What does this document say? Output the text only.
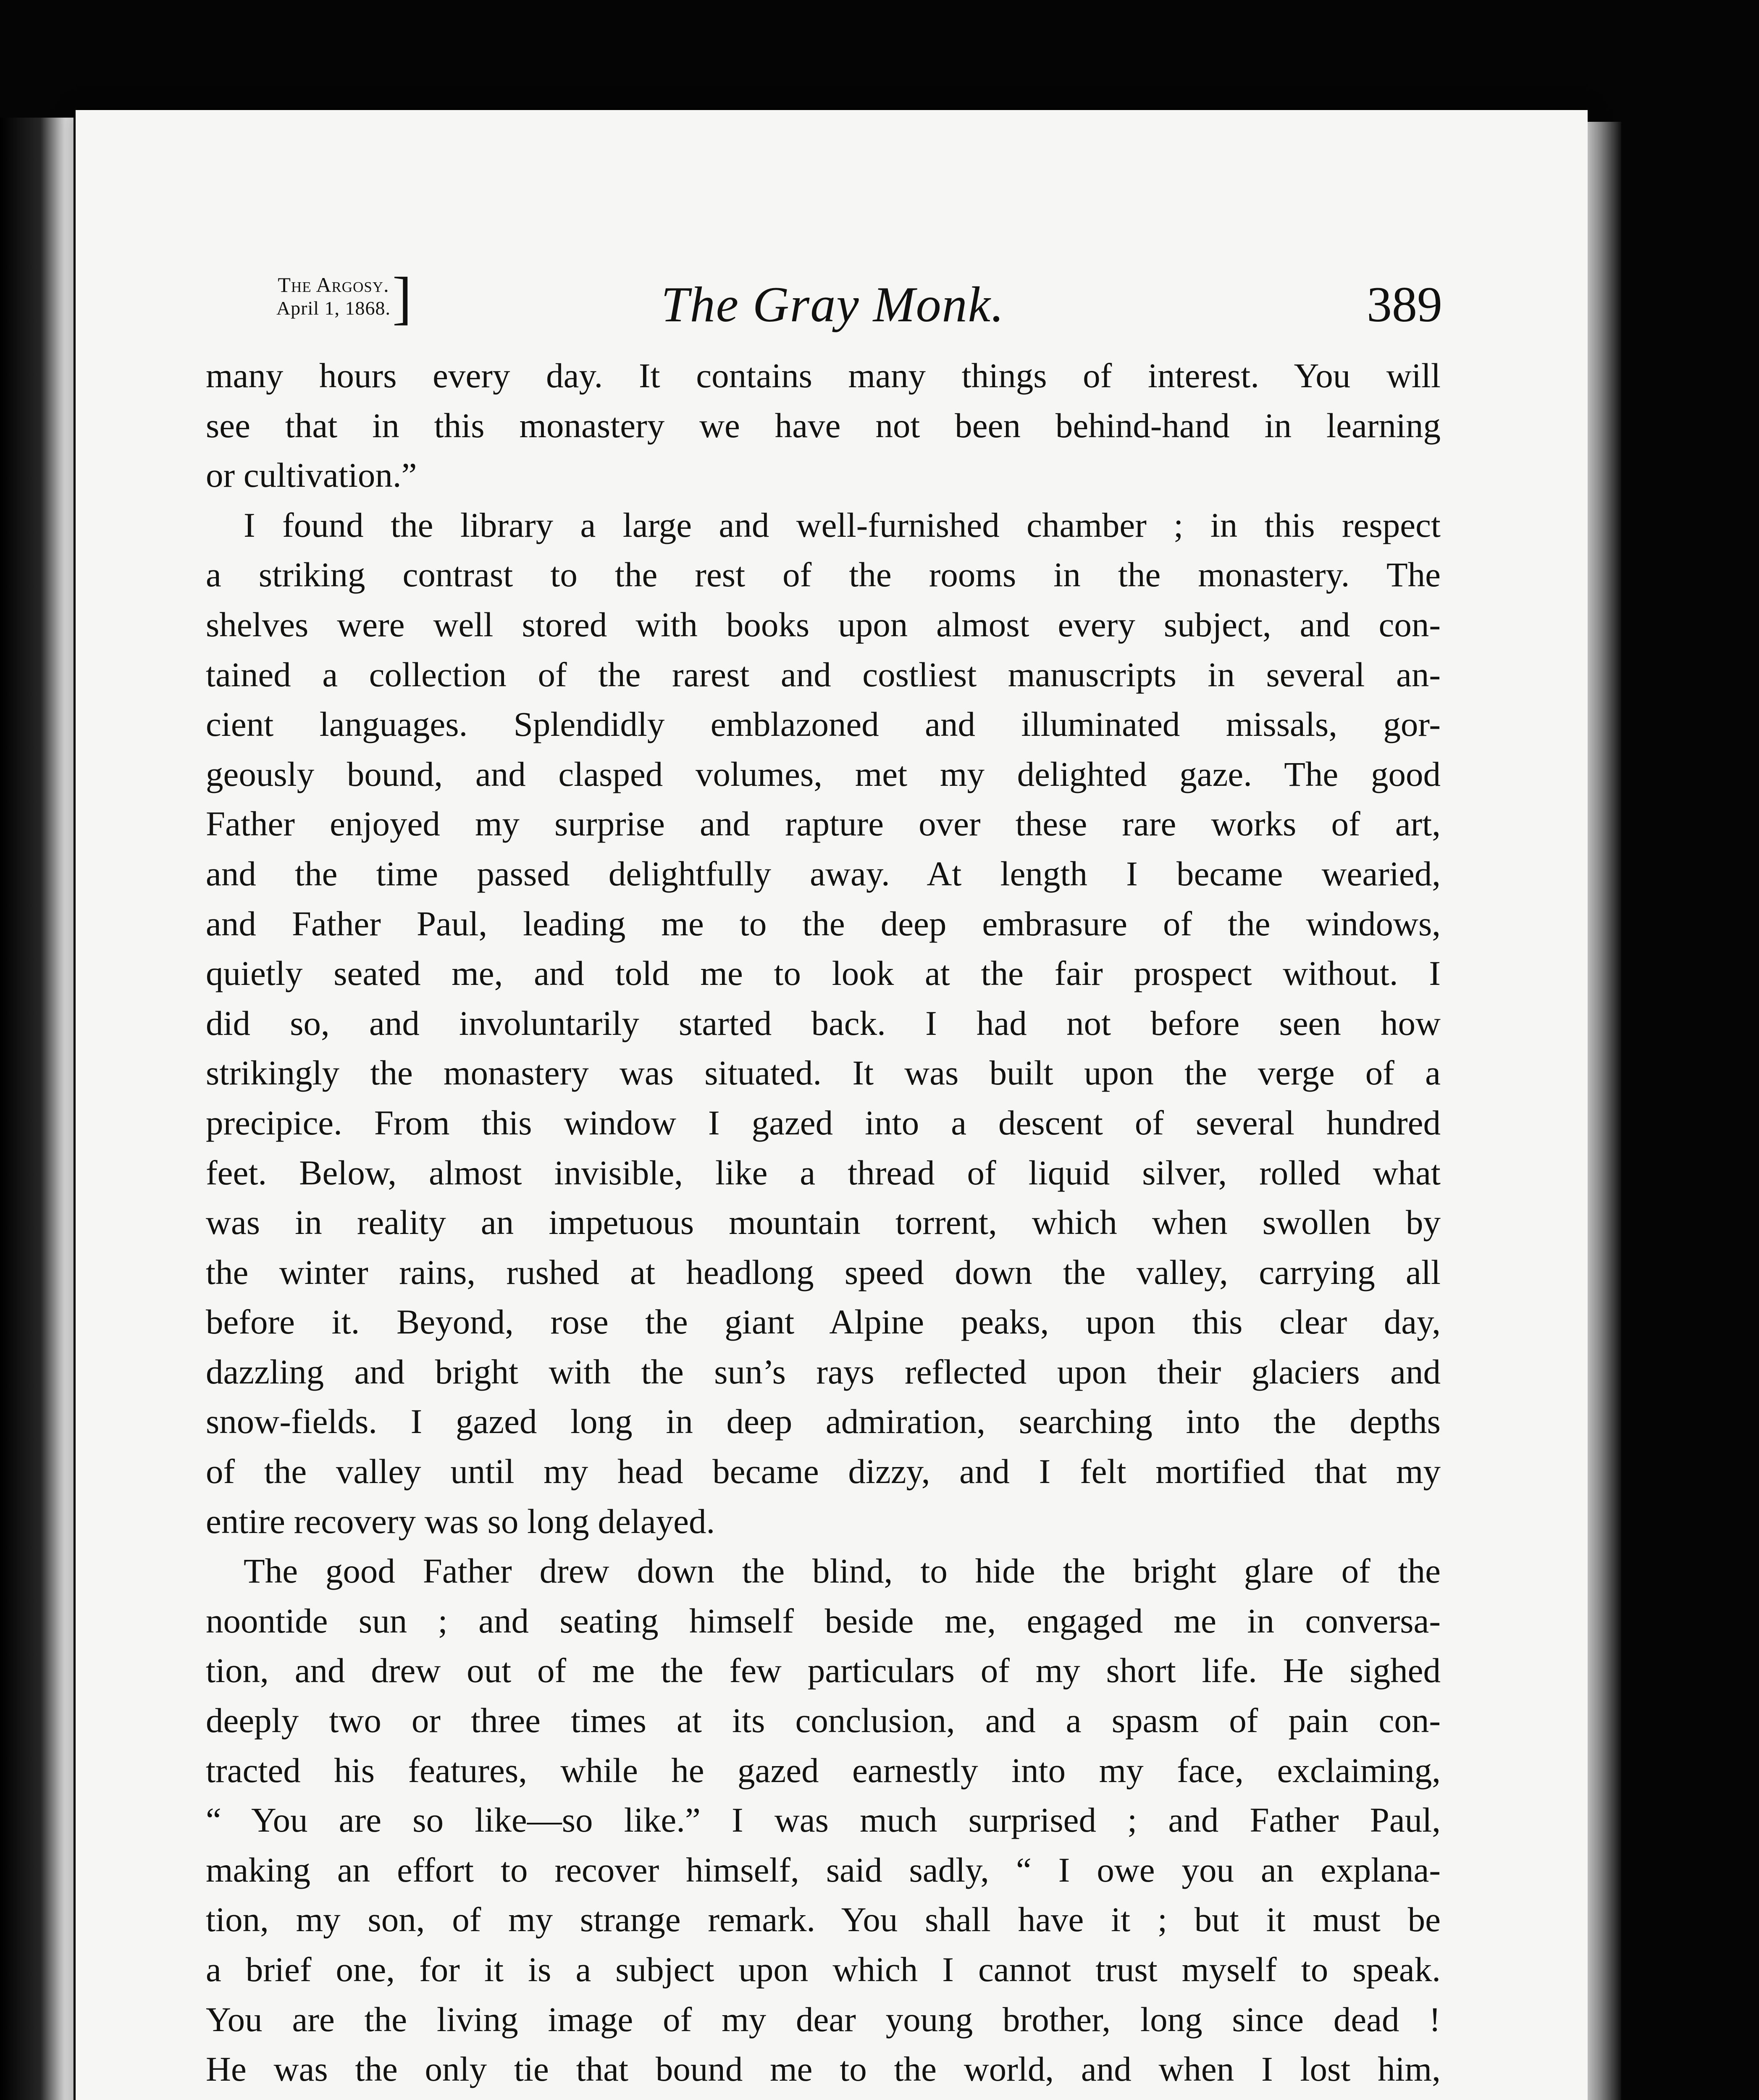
The Argosy.
April 1, 1868. ]	The Gray Monk.	389
many hours every day. It contains many things of interest. You will
see that in this monastery we have not been behind-hand in learning
or cultivation.”
I found the library a large and well-furnished chamber ; in this respect
a striking contrast to the rest of the rooms in the monastery. The
shelves were well stored with books upon almost every subject, and con-
tained a collection of the rarest and costliest manuscripts in several an-
cient languages. Splendidly emblazoned and illuminated missals, gor-
geously bound, and clasped volumes, met my delighted gaze. The good
Father enjoyed my surprise and rapture over these rare works of art,
and the time passed delightfully away. At length I became wearied,
and Father Paul, leading me to the deep embrasure of the windows,
quietly seated me, and told me to look at the fair prospect without. I
did so, and involuntarily started back. I had not before seen how
strikingly the monastery was situated. It was built upon the verge of a
precipice. From this window I gazed into a descent of several hundred
feet. Below, almost invisible, like a thread of liquid silver, rolled what
was in reality an impetuous mountain torrent, which when swollen by
the winter rains, rushed at headlong speed down the valley, carrying all
before it. Beyond, rose the giant Alpine peaks, upon this clear day,
dazzling and bright with the sun’s rays reflected upon their glaciers and
snow-fields. I gazed long in deep admiration, searching into the depths
of the valley until my head became dizzy, and I felt mortified that my
entire recovery was so long delayed.
The good Father drew down the blind, to hide the bright glare of the
noontide sun ; and seating himself beside me, engaged me in conversa-
tion, and drew out of me the few particulars of my short life. He sighed
deeply two or three times at its conclusion, and a spasm of pain con-
tracted his features, while he gazed earnestly into my face, exclaiming,
“ You are so like—so like.” I was much surprised ; and Father Paul,
making an effort to recover himself, said sadly, “ I owe you an explana-
tion, my son, of my strange remark. You shall have it ; but it must be
a brief one, for it is a subject upon which I cannot trust myself to speak.
You are the living image of my dear young brother, long since dead !
He was the only tie that bound me to the world, and when I lost him,
